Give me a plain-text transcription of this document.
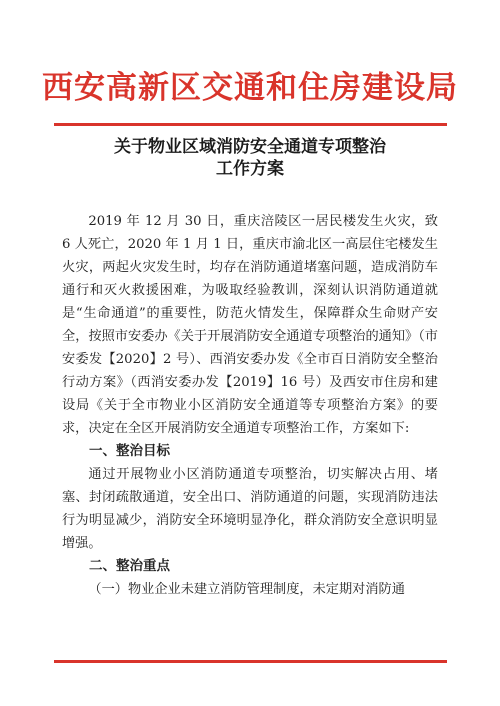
西安高新区交通和住房建设局
关于物业区域消防安全通道专项整治
工作方案

2019 年 12 月 30 日，重庆涪陵区一居民楼发生火灾，致 6 人死亡，2020 年 1 月 1 日，重庆市渝北区一高层住宅楼发生火灾，两起火灾发生时，均存在消防通道堵塞问题，造成消防车通行和灭火救援困难，为吸取经验教训，深刻认识消防通道就是“生命通道”的重要性，防范火情发生，保障群众生命财产安全，按照市安委办《关于开展消防安全通道专项整治的通知》（市安委发【2020】2 号）、西消安委办发《全市百日消防安全整治行动方案》（西消安委办发【2019】16 号）及西安市住房和建设局《关于全市物业小区消防安全通道等专项整治方案》的要求，决定在全区开展消防安全通道专项整治工作，方案如下:

一、整治目标

通过开展物业小区消防通道专项整治，切实解决占用、堵塞、封闭疏散通道，安全出口、消防通道的问题，实现消防违法行为明显减少，消防安全环境明显净化，群众消防安全意识明显增强。

二、整治重点

（一）物业企业未建立消防管理制度，未定期对消防通
